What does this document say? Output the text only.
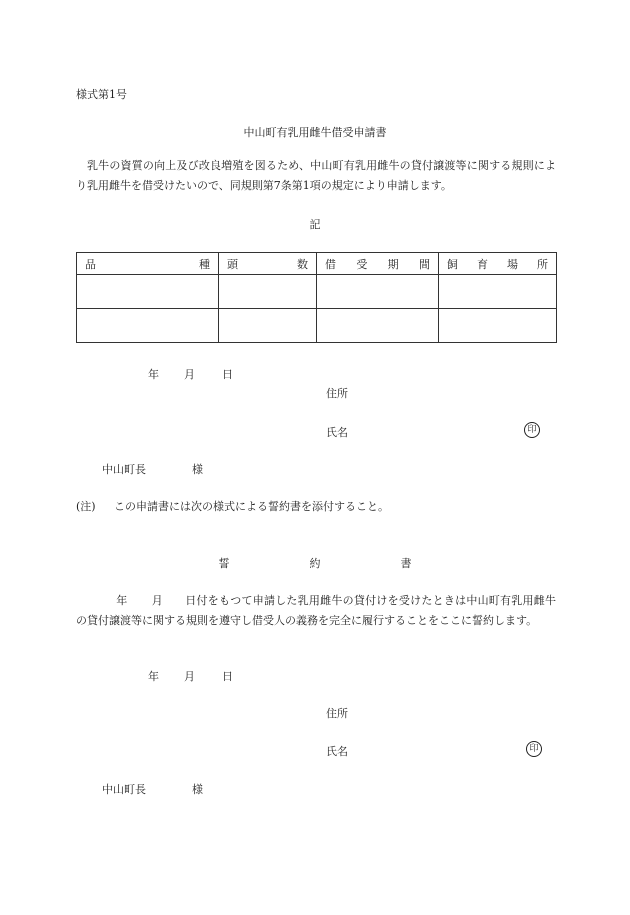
様式第1号
中山町有乳用雌牛借受申請書
乳牛の資質の向上及び改良増殖を図るため、中山町有乳用雌牛の貸付譲渡等に関する規則により乳用雌牛を借受けたいので、同規則第7条第1項の規定により申請します。
記
品 種	頭 数	借 受 期 間	飼 育 場 所

年 月 日
住所
氏名	印
中山町長	様
(注) この申請書には次の様式による誓約書を添付すること。
誓	約	書
年 月 日付をもつて申請した乳用雌牛の貸付けを受けたときは中山町有乳用雌牛の貸付譲渡等に関する規則を遵守し借受人の義務を完全に履行することをここに誓約します。
年 月 日
住所
氏名	印
中山町長	様
